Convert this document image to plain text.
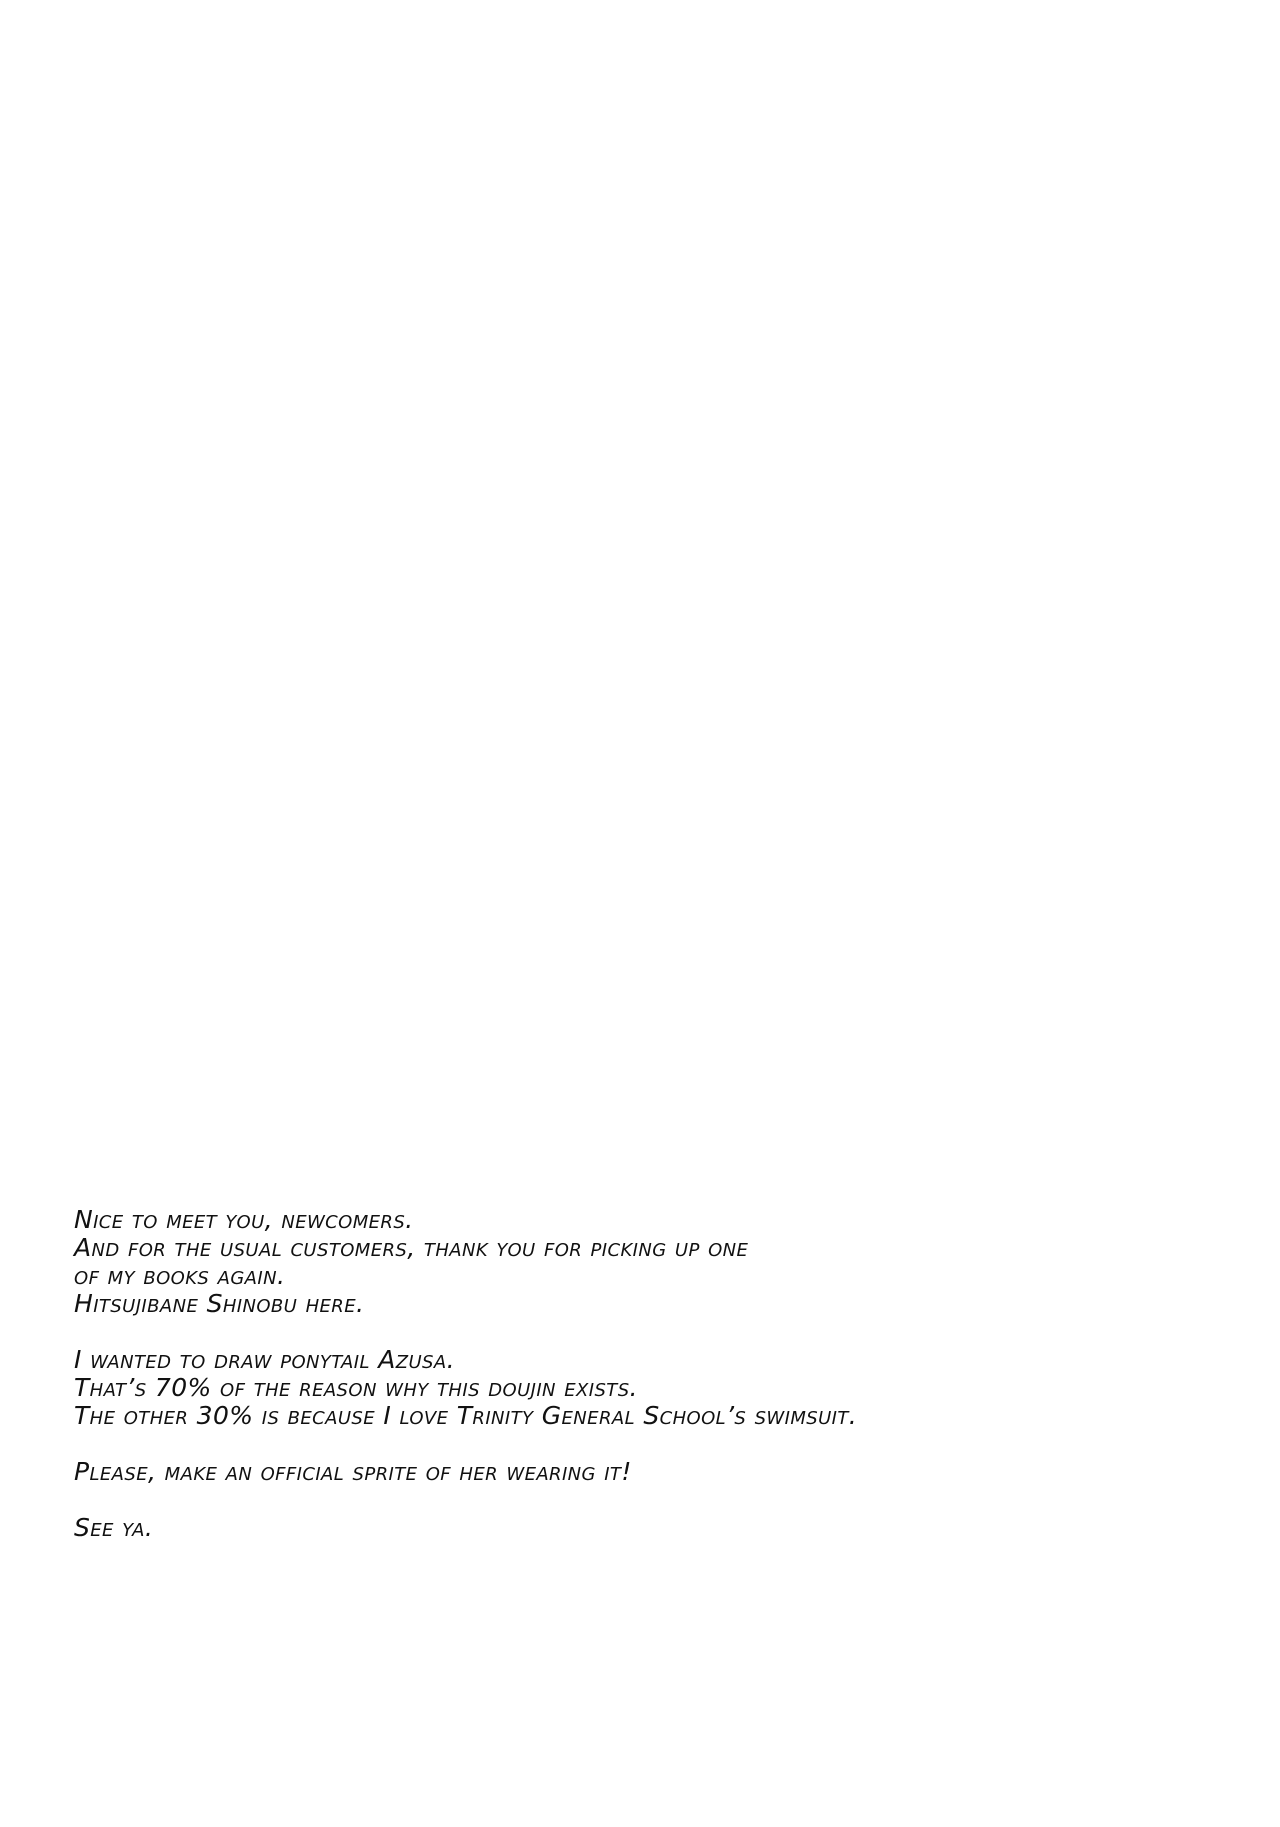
Nice to meet you, newcomers.
And for the usual customers, thank you for picking up one
of my books again.
Hitsujibane Shinobu here.
I wanted to draw ponytail Azusa.
That’s 70% of the reason why this doujin exists.
The other 30% is because I love Trinity General School’s swimsuit.
Please, make an official sprite of her wearing it!
See ya.
